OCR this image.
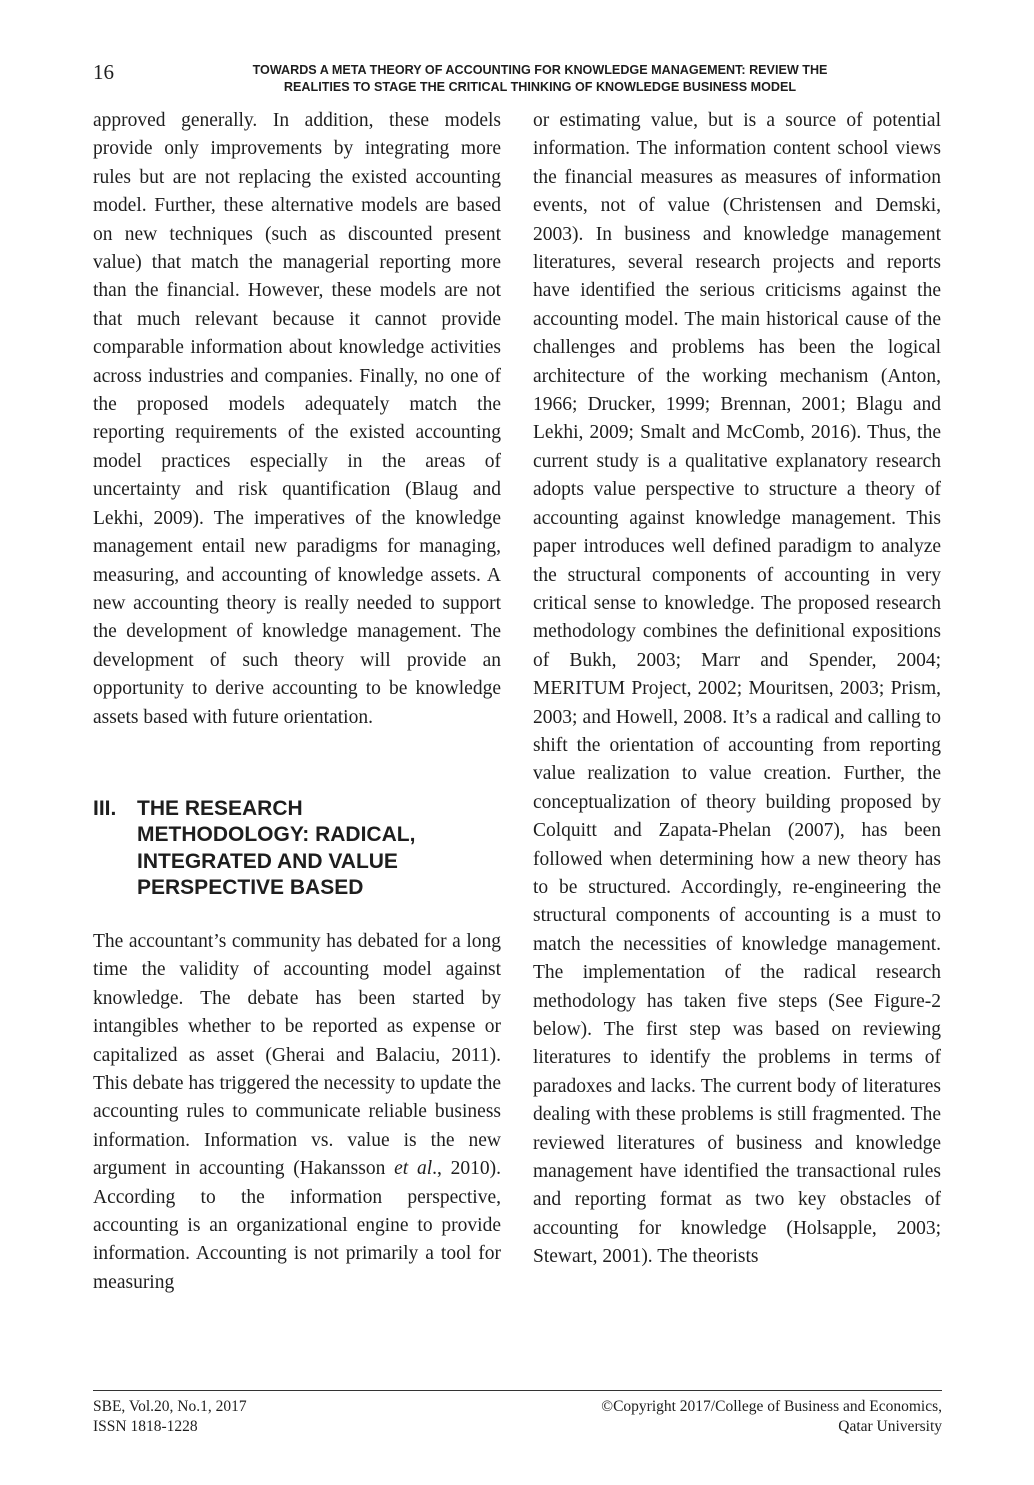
16	TOWARDS A META THEORY OF ACCOUNTING FOR KNOWLEDGE MANAGEMENT: REVIEW THE
REALITIES TO STAGE THE CRITICAL THINKING OF KNOWLEDGE BUSINESS MODEL

approved generally. In addition, these models provide only improvements by integrating more rules but are not replacing the existed accounting model. Further, these alternative models are based on new techniques (such as discounted present value) that match the managerial reporting more than the financial. However, these models are not that much relevant because it cannot provide comparable information about knowledge activities across industries and companies. Finally, no one of the proposed models adequately match the reporting requirements of the existed accounting model practices especially in the areas of uncertainty and risk quantification (Blaug and Lekhi, 2009). The imperatives of the knowledge management entail new paradigms for managing, measuring, and accounting of knowledge assets. A new accounting theory is really needed to support the development of knowledge management. The development of such theory will provide an opportunity to derive accounting to be knowledge assets based with future orientation.

III. THE RESEARCH
METHODOLOGY: RADICAL,
INTEGRATED AND VALUE
PERSPECTIVE BASED

The accountant’s community has debated for a long time the validity of accounting model against knowledge. The debate has been started by intangibles whether to be reported as expense or capitalized as asset (Gherai and Balaciu, 2011). This debate has triggered the necessity to update the accounting rules to communicate reliable business information. Information vs. value is the new argument in accounting (Hakansson et al., 2010). According to the information perspective, accounting is an organizational engine to provide information. Accounting is not primarily a tool for measuring

or estimating value, but is a source of potential information. The information content school views the financial measures as measures of information events, not of value (Christensen and Demski, 2003). In business and knowledge management literatures, several research projects and reports have identified the serious criticisms against the accounting model. The main historical cause of the challenges and problems has been the logical architecture of the working mechanism (Anton, 1966; Drucker, 1999; Brennan, 2001; Blagu and Lekhi, 2009; Smalt and McComb, 2016). Thus, the current study is a qualitative explanatory research adopts value perspective to structure a theory of accounting against knowledge management. This paper introduces well defined paradigm to analyze the structural components of accounting in very critical sense to knowledge. The proposed research methodology combines the definitional expositions of Bukh, 2003; Marr and Spender, 2004; MERITUM Project, 2002; Mouritsen, 2003; Prism, 2003; and Howell, 2008. It’s a radical and calling to shift the orientation of accounting from reporting value realization to value creation. Further, the conceptualization of theory building proposed by Colquitt and Zapata-Phelan (2007), has been followed when determining how a new theory has to be structured. Accordingly, re-engineering the structural components of accounting is a must to match the necessities of knowledge management. The implementation of the radical research methodology has taken five steps (See Figure-2 below). The first step was based on reviewing literatures to identify the problems in terms of paradoxes and lacks. The current body of literatures dealing with these problems is still fragmented. The reviewed literatures of business and knowledge management have identified the transactional rules and reporting format as two key obstacles of accounting for knowledge (Holsapple, 2003; Stewart, 2001). The theorists

SBE, Vol.20, No.1, 2017
ISSN 1818-1228
©Copyright 2017/College of Business and Economics,
Qatar University
